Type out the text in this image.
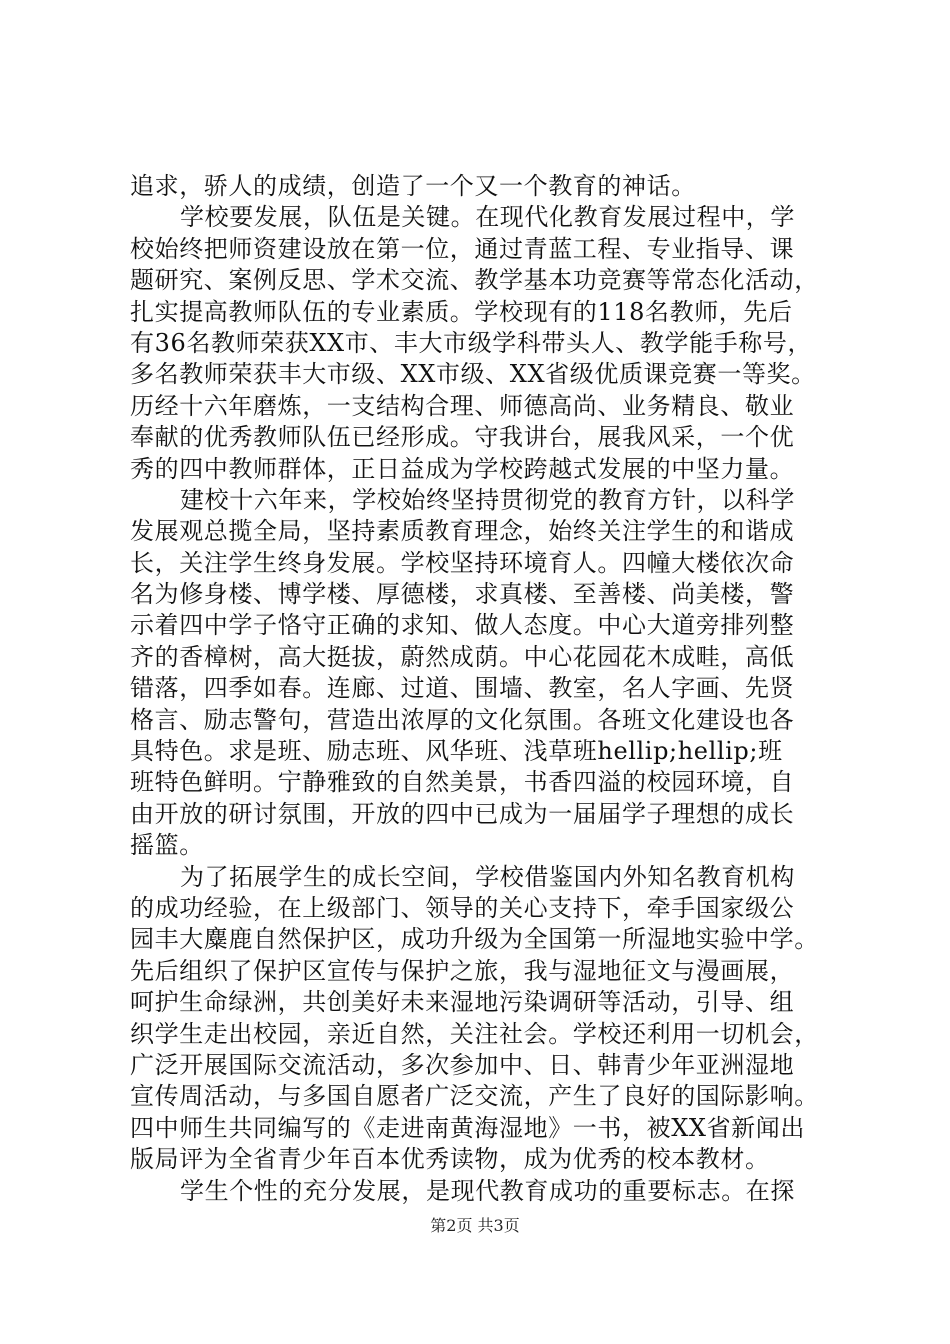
追求，骄人的成绩，创造了一个又一个教育的神话。
学校要发展，队伍是关键。在现代化教育发展过程中，学
校始终把师资建设放在第一位，通过青蓝工程、专业指导、课
题研究、案例反思、学术交流、教学基本功竞赛等常态化活动，
扎实提高教师队伍的专业素质。学校现有的118名教师，先后
有36名教师荣获XX市、丰大市级学科带头人、教学能手称号，
多名教师荣获丰大市级、XX市级、XX省级优质课竞赛一等奖。
历经十六年磨炼，一支结构合理、师德高尚、业务精良、敬业
奉献的优秀教师队伍已经形成。守我讲台，展我风采，一个优
秀的四中教师群体，正日益成为学校跨越式发展的中坚力量。
建校十六年来，学校始终坚持贯彻党的教育方针，以科学
发展观总揽全局，坚持素质教育理念，始终关注学生的和谐成
长，关注学生终身发展。学校坚持环境育人。四幢大楼依次命
名为修身楼、博学楼、厚德楼，求真楼、至善楼、尚美楼，警
示着四中学子恪守正确的求知、做人态度。中心大道旁排列整
齐的香樟树，高大挺拔，蔚然成荫。中心花园花木成畦，高低
错落，四季如春。连廊、过道、围墙、教室，名人字画、先贤
格言、励志警句，营造出浓厚的文化氛围。各班文化建设也各
具特色。求是班、励志班、风华班、浅草班hellip;hellip;班
班特色鲜明。宁静雅致的自然美景，书香四溢的校园环境，自
由开放的研讨氛围，开放的四中已成为一届届学子理想的成长
摇篮。
为了拓展学生的成长空间，学校借鉴国内外知名教育机构
的成功经验，在上级部门、领导的关心支持下，牵手国家级公
园丰大麋鹿自然保护区，成功升级为全国第一所湿地实验中学。
先后组织了保护区宣传与保护之旅，我与湿地征文与漫画展，
呵护生命绿洲，共创美好未来湿地污染调研等活动，引导、组
织学生走出校园，亲近自然，关注社会。学校还利用一切机会，
广泛开展国际交流活动，多次参加中、日、韩青少年亚洲湿地
宣传周活动，与多国自愿者广泛交流，产生了良好的国际影响。
四中师生共同编写的《走进南黄海湿地》一书，被XX省新闻出
版局评为全省青少年百本优秀读物，成为优秀的校本教材。
学生个性的充分发展，是现代教育成功的重要标志。在探
第2页 共3页
